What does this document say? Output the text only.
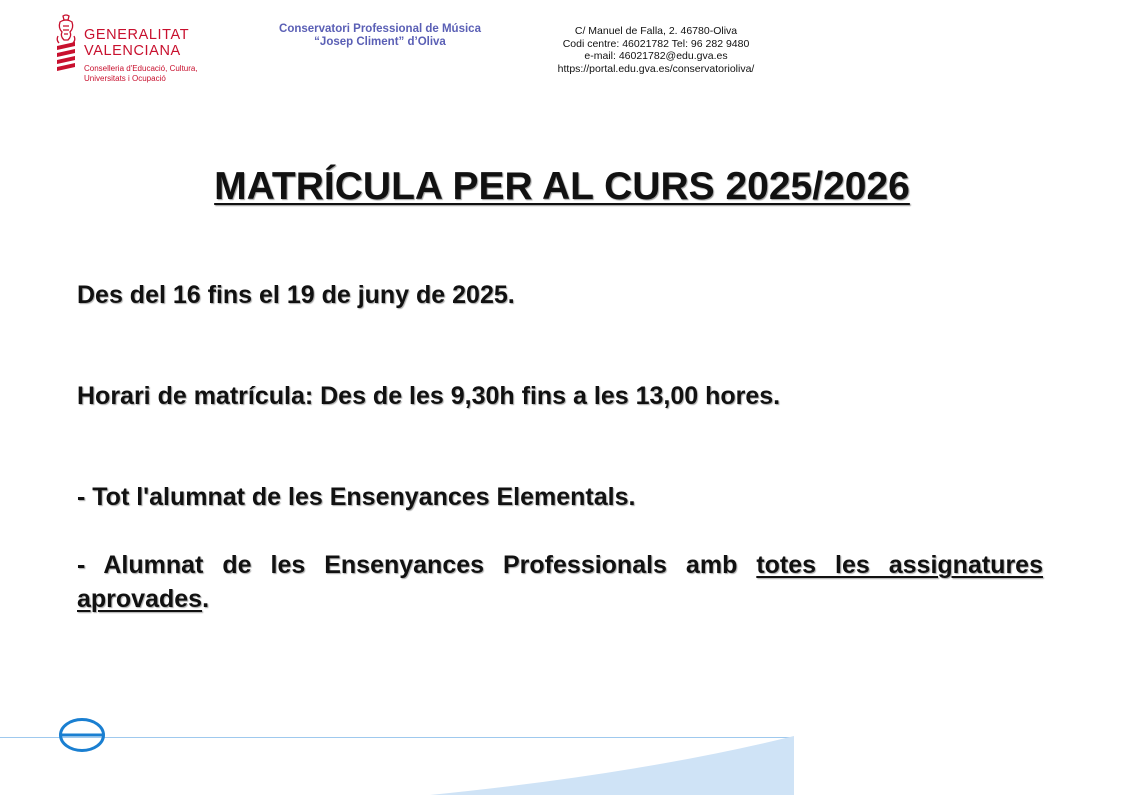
GENERALITAT
VALENCIANA
Conselleria d'Educació, Cultura,
Universitats i Ocupació
Conservatori Professional de Música
“Josep Climent” d’Oliva
C/ Manuel de Falla, 2. 46780-Oliva
Codi centre: 46021782 Tel: 96 282 9480
e-mail: 46021782@edu.gva.es
https://portal.edu.gva.es/conservatorioliva/
MATRÍCULA PER AL CURS 2025/2026
Des del 16 fins el 19 de juny de 2025.
Horari de matrícula: Des de les 9,30h fins a les 13,00 hores.
- Tot l'alumnat de les Ensenyances Elementals.
- Alumnat de les Ensenyances Professionals amb totes les assignatures aprovades.
